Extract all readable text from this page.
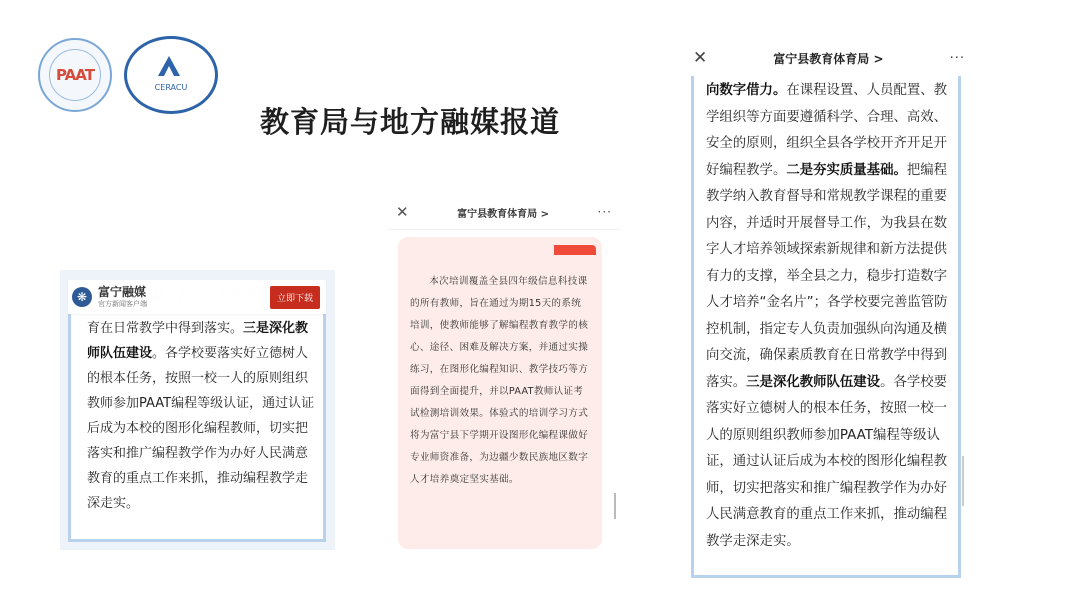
PAAT
CERACU
教育局与地方融媒报道
育在日常教学中得到落实。三是深化教师队伍建设。各学校要落实好立德树人的根本任务，按照一校一人的原则组织教师参加PAAT编程等级认证，通过认证后成为本校的图形化编程教师，切实把落实和推广编程教学作为办好人民满意教育的重点工作来抓，推动编程教学走深走实。
❋ 富宁融媒
官方新闻客户端	立即下载
✕	富宁县教育体育局 >	···
本次培训覆盖全县四年级信息科技课的所有教师，旨在通过为期15天的系统培训，使教师能够了解编程教育教学的核心、途径、困难及解决方案，并通过实操练习，在图形化编程知识、教学技巧等方面得到全面提升，并以PAAT教师认证考试检测培训效果。体验式的培训学习方式将为富宁县下学期开设图形化编程课做好专业师资准备，为边疆少数民族地区数字人才培养奠定坚实基础。
✕	富宁县教育体育局 >	···
向数字借力。在课程设置、人员配置、教学组织等方面要遵循科学、合理、高效、安全的原则，组织全县各学校开齐开足开好编程教学。二是夯实质量基础。把编程教学纳入教育督导和常规教学课程的重要内容，并适时开展督导工作，为我县在数字人才培养领域探索新规律和新方法提供有力的支撑，举全县之力，稳步打造数字人才培养“金名片”；各学校要完善监管防控机制，指定专人负责加强纵向沟通及横向交流，确保素质教育在日常教学中得到落实。三是深化教师队伍建设。各学校要落实好立德树人的根本任务，按照一校一人的原则组织教师参加PAAT编程等级认证，通过认证后成为本校的图形化编程教师，切实把落实和推广编程教学作为办好人民满意教育的重点工作来抓，推动编程教学走深走实。
